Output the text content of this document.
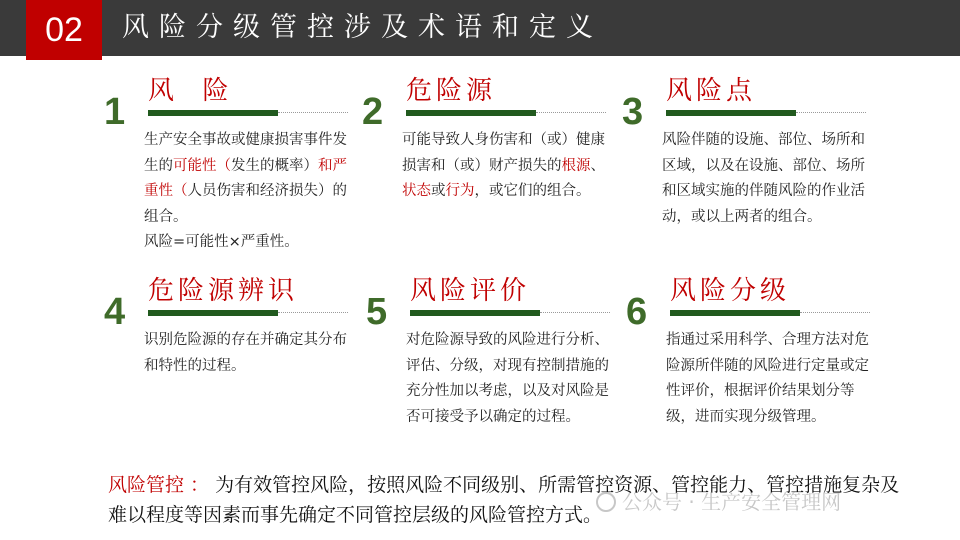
02	风险分级管控涉及术语和定义
1 风  险
生产安全事故或健康损害事件发生的可能性（发生的概率）和严重性（人员伤害和经济损失）的组合。
风险=可能性×严重性。
2 危险源
可能导致人身伤害和（或）健康损害和（或）财产损失的根源、状态或行为，或它们的组合。
3 风险点
风险伴随的设施、部位、场所和区域，以及在设施、部位、场所和区域实施的伴随风险的作业活动，或以上两者的组合。
4 危险源辨识
识别危险源的存在并确定其分布和特性的过程。
5 风险评价
对危险源导致的风险进行分析、评估、分级，对现有控制措施的充分性加以考虑，以及对风险是否可接受予以确定的过程。
6 风险分级
指通过采用科学、合理方法对危险源所伴随的风险进行定量或定性评价，根据评价结果划分等级，进而实现分级管理。
风险管控 ： 为有效管控风险，按照风险不同级别、所需管控资源、管控能力、管控措施复杂及难以程度等因素而事先确定不同管控层级的风险管控方式。
公众号 · 生产安全管理网
